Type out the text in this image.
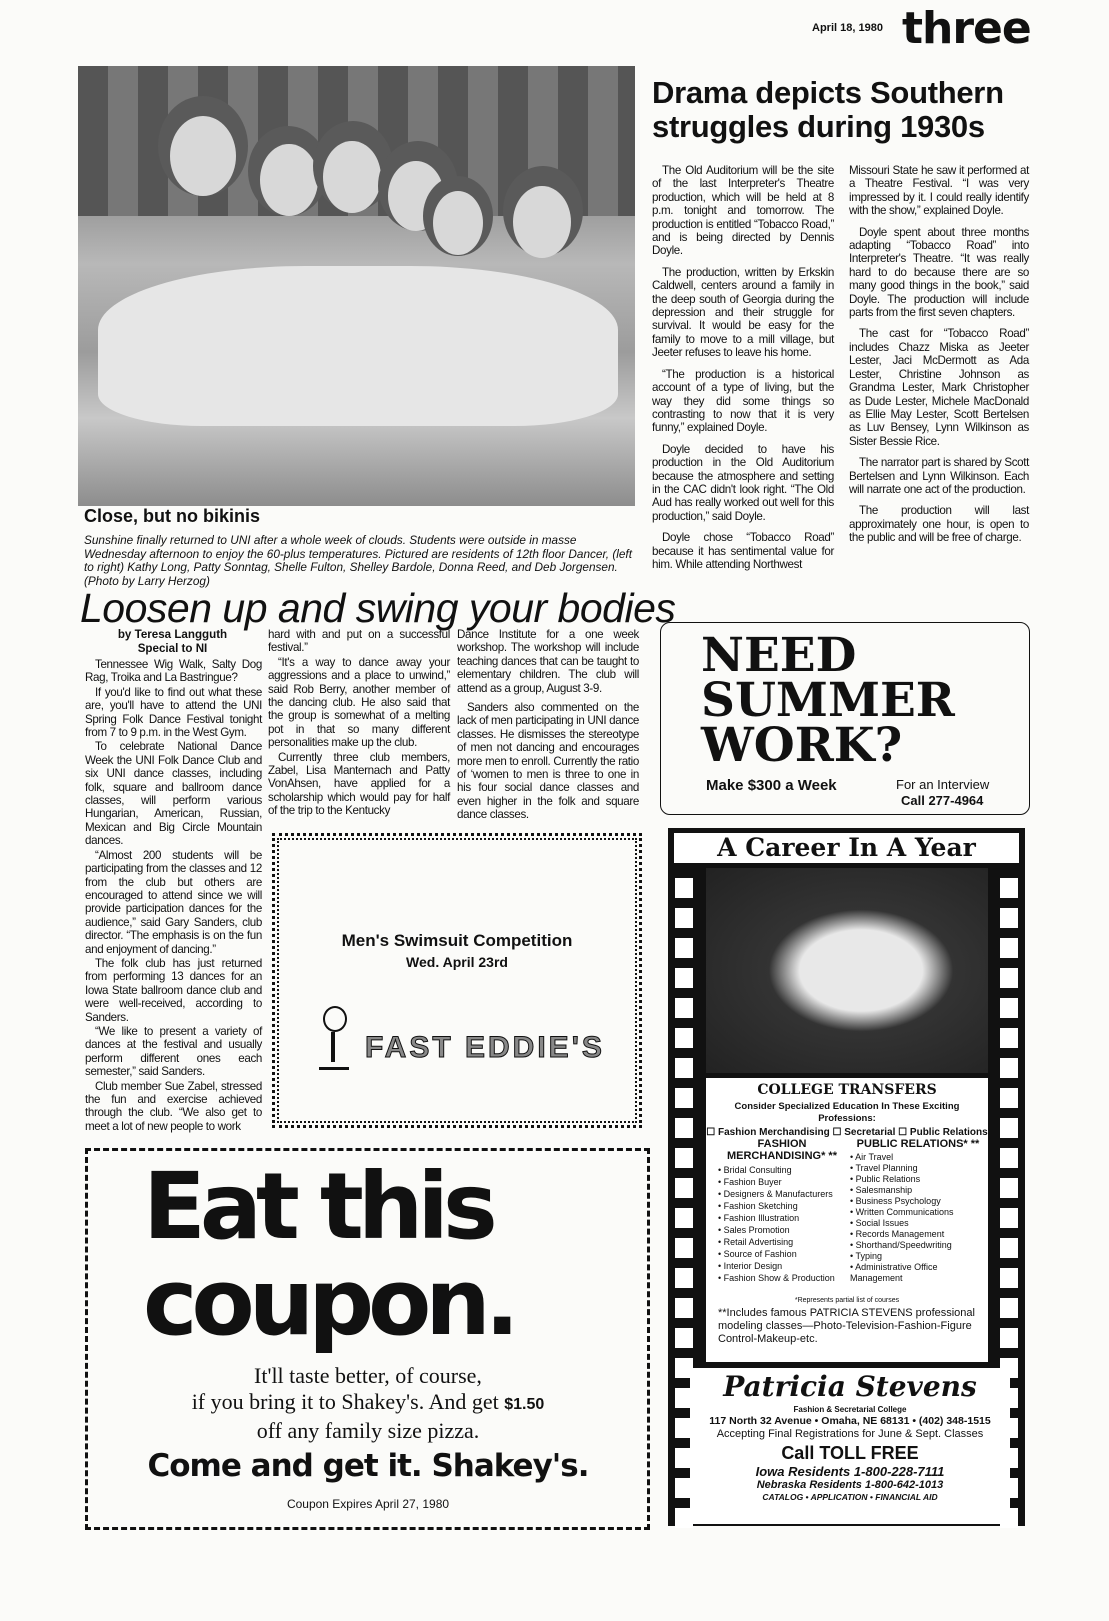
April 18, 1980 three
Close, but no bikinis
Sunshine finally returned to UNI after a whole week of clouds. Students were outside in masse Wednesday afternoon to enjoy the 60-plus temperatures. Pictured are residents of 12th floor Dancer, (left to right) Kathy Long, Patty Sonntag, Shelle Fulton, Shelley Bardole, Donna Reed, and Deb Jorgensen. (Photo by Larry Herzog)
Loosen up and swing your bodies
by Teresa Langguth
Special to NI

Tennessee Wig Walk, Salty Dog Rag, Troika and La Bastringue?

If you'd like to find out what these are, you'll have to attend the UNI Spring Folk Dance Festival tonight from 7 to 9 p.m. in the West Gym.

To celebrate National Dance Week the UNI Folk Dance Club and six UNI dance classes, including folk, square and ballroom dance classes, will perform various Hungarian, American, Russian, Mexican and Big Circle Mountain dances.

“Almost 200 students will be participating from the classes and 12 from the club but others are encouraged to attend since we will provide participation dances for the audience,” said Gary Sanders, club director. “The emphasis is on the fun and enjoyment of dancing.”

The folk club has just returned from performing 13 dances for an Iowa State ballroom dance club and were well-received, according to Sanders.

“We like to present a variety of dances at the festival and usually perform different ones each semester,” said Sanders.

Club member Sue Zabel, stressed the fun and exercise achieved through the club. “We also get to meet a lot of new people to work

hard with and put on a successful festival.”

“It's a way to dance away your aggressions and a place to unwind,” said Rob Berry, another member of the dancing club. He also said that the group is somewhat of a melting pot in that so many different personalities make up the club.

Currently three club members, Zabel, Lisa Manternach and Patty VonAhsen, have applied for a scholarship which would pay for half of the trip to the Kentucky

Dance Institute for a one week workshop. The workshop will include teaching dances that can be taught to elementary children. The club will attend as a group, August 3-9.

Sanders also commented on the lack of men participating in UNI dance classes. He dismisses the stereotype of men not dancing and encourages more men to enroll. Currently the ratio of ‘women to men is three to one in his four social dance classes and even higher in the folk and square dance classes.

Drama depicts Southern struggles during 1930s

The Old Auditorium will be the site of the last Interpreter's Theatre production, which will be held at 8 p.m. tonight and tomorrow. The production is entitled “Tobacco Road,” and is being directed by Dennis Doyle.

The production, written by Erkskin Caldwell, centers around a family in the deep south of Georgia during the depression and their struggle for survival. It would be easy for the family to move to a mill village, but Jeeter refuses to leave his home.

“The production is a historical account of a type of living, but the way they did some things so contrasting to now that it is very funny,” explained Doyle.

Doyle decided to have his production in the Old Auditorium because the atmosphere and setting in the CAC didn't look right. “The Old Aud has really worked out well for this production,” said Doyle.

Doyle chose “Tobacco Road” because it has sentimental value for him. While attending Northwest

Missouri State he saw it performed at a Theatre Festival. “I was very impressed by it. I could really identify with the show,” explained Doyle.

Doyle spent about three months adapting “Tobacco Road” into Interpreter's Theatre. “It was really hard to do because there are so many good things in the book,” said Doyle. The production will include parts from the first seven chapters.

The cast for “Tobacco Road” includes Chazz Miska as Jeeter Lester, Jaci McDermott as Ada Lester, Christine Johnson as Grandma Lester, Mark Christopher as Dude Lester, Michele MacDonald as Ellie May Lester, Scott Bertelsen as Luv Bensey, Lynn Wilkinson as Sister Bessie Rice.

The narrator part is shared by Scott Bertelsen and Lynn Wilkinson. Each will narrate one act of the production.

The production will last approximately one hour, is open to the public and will be free of charge.

Men's Swimsuit Competition
Wed. April 23rd
FAST EDDIE'S
NEED
SUMMER
WORK?
Make $300 a Week	For an Interview
Call 277-4964
Eat this
coupon.
It'll taste better, of course,
if you bring it to Shakey's. And get $1.50
off any family size pizza.
Come and get it. Shakey's.
Coupon Expires April 27, 1980
A Career In A Year
COLLEGE TRANSFERS
Consider Specialized Education In These Exciting Professions:
☐ Fashion Merchandising ☐ Secretarial ☐ Public Relations
FASHION MERCHANDISING* **
• Bridal Consulting
• Fashion Buyer
• Designers & Manufacturers
• Fashion Sketching
• Fashion Illustration
• Sales Promotion
• Retail Advertising
• Source of Fashion
• Interior Design
• Fashion Show & Production
PUBLIC RELATIONS* **
• Air Travel
• Travel Planning
• Public Relations
• Salesmanship
• Business Psychology
• Written Communications
• Social Issues
• Records Management
• Shorthand/Speedwriting
• Typing
• Administrative Office Management
*Represents partial list of courses
**Includes famous PATRICIA STEVENS professional modeling classes—Photo-Television-Fashion-Figure Control-Makeup-etc.
Patricia Stevens
Fashion & Secretarial College
117 North 32 Avenue • Omaha, NE 68131 • (402) 348-1515
Accepting Final Registrations for June & Sept. Classes
Call TOLL FREE
Iowa Residents 1-800-228-7111
Nebraska Residents 1-800-642-1013
CATALOG • APPLICATION • FINANCIAL AID
